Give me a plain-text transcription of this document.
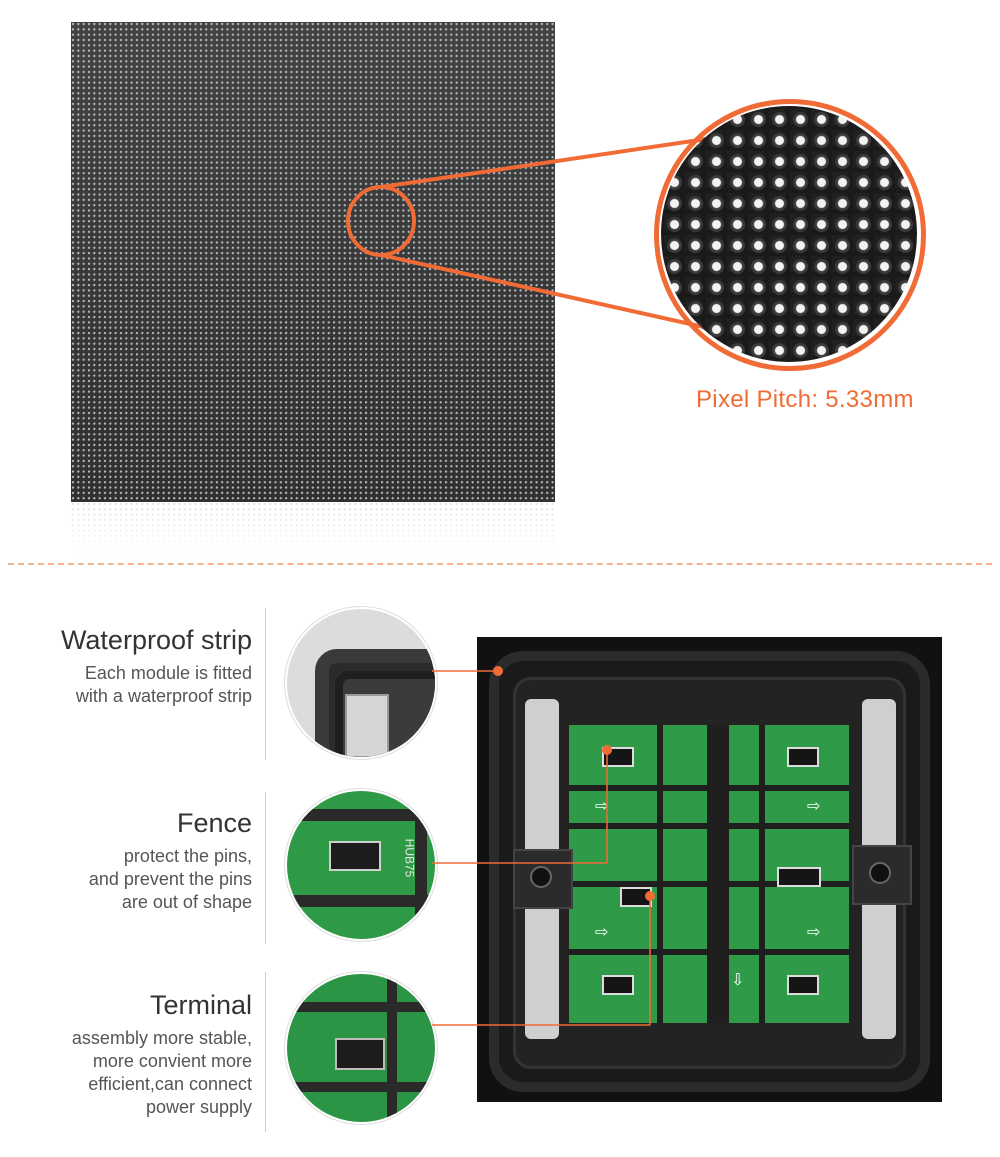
Pixel Pitch: 5.33mm
Waterproof strip
Each module is fitted
with a waterproof strip
Fence
protect the pins,
and prevent the pins
are out of shape
Terminal
assembly more stable,
more convient more
efficient,can connect
power supply
HUB75
⇨	⇨
⇨	⇨
⇩
